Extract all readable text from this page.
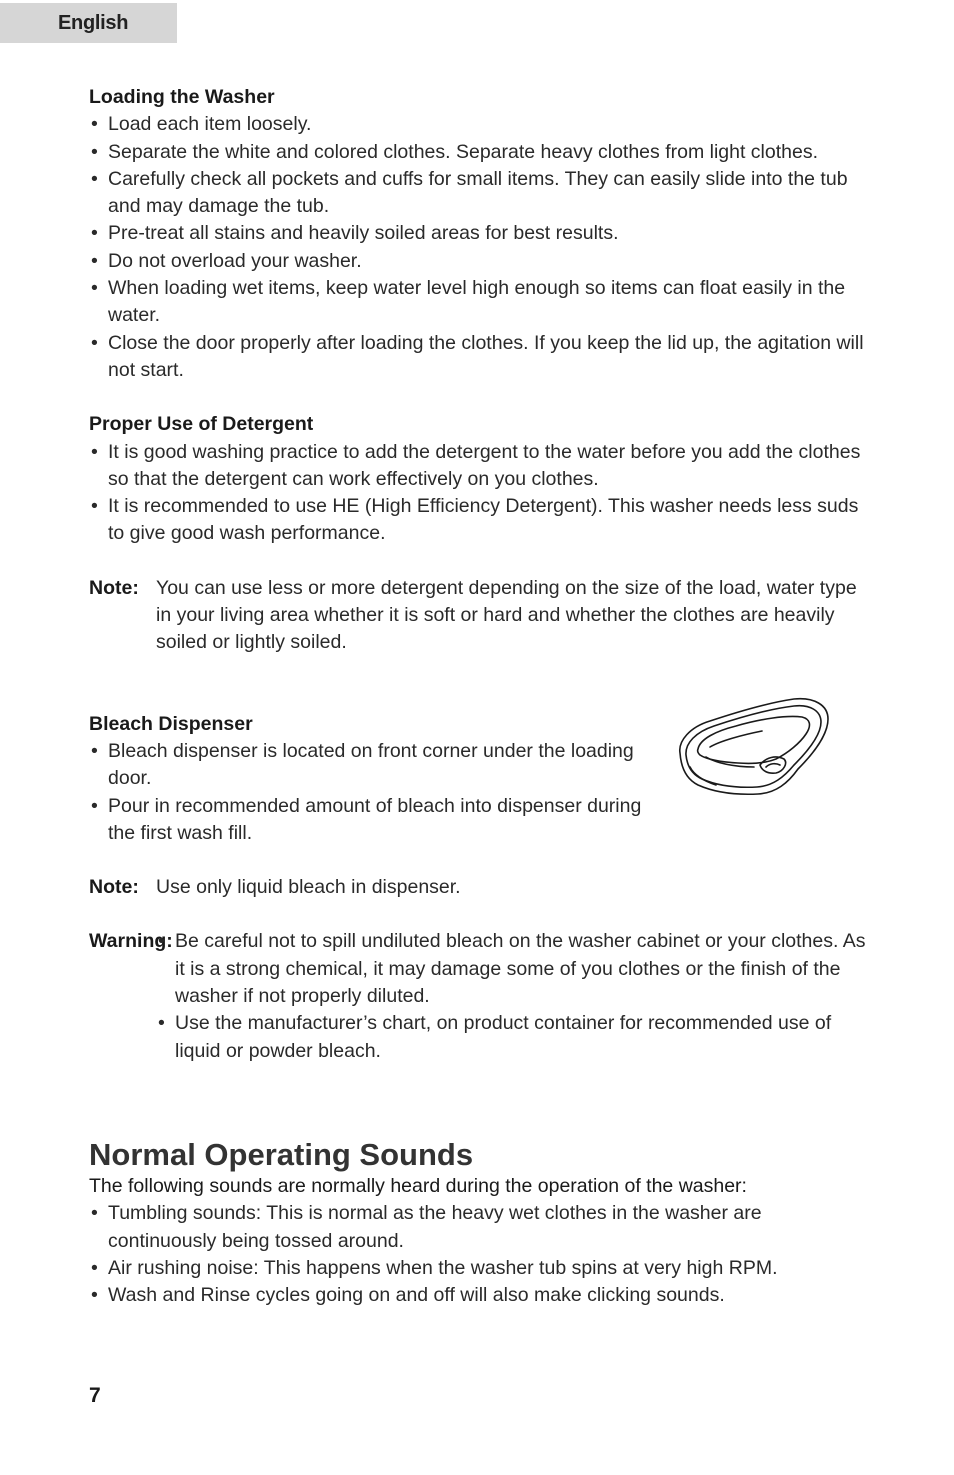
English
Loading the Washer
• Load each item loosely.
• Separate the white and colored clothes. Separate heavy clothes from light clothes.
• Carefully check all pockets and cuffs for small items. They can easily slide into the tub and may damage the tub.
• Pre-treat all stains and heavily soiled areas for best results.
• Do not overload your washer.
• When loading wet items, keep water level high enough so items can float easily in the water.
• Close the door properly after loading the clothes. If you keep the lid up, the agitation will not start.
Proper Use of Detergent
• It is good washing practice to add the detergent to the water before you add the clothes so that the detergent can work effectively on you clothes.
• It is recommended to use HE (High Efficiency Detergent). This washer needs less suds to give good wash performance.
Note: You can use less or more detergent depending on the size of the load, water type in your living area whether it is soft or hard and whether the clothes are heavily soiled or lightly soiled.
Bleach Dispenser
• Bleach dispenser is located on front corner under the loading door.
• Pour in recommended amount of bleach into dispenser during the first wash fill.
Note: Use only liquid bleach in dispenser.
Warning:
• Be careful not to spill undiluted bleach on the washer cabinet or your clothes. As it is a strong chemical, it may damage some of you clothes or the finish of the washer if not properly diluted.
• Use the manufacturer’s chart, on product container for recommended use of liquid or powder bleach.
Normal Operating Sounds
The following sounds are normally heard during the operation of the washer:
• Tumbling sounds: This is normal as the heavy wet clothes in the washer are continuously being tossed around.
• Air rushing noise: This happens when the washer tub spins at very high RPM.
• Wash and Rinse cycles going on and off will also make clicking sounds.
7
